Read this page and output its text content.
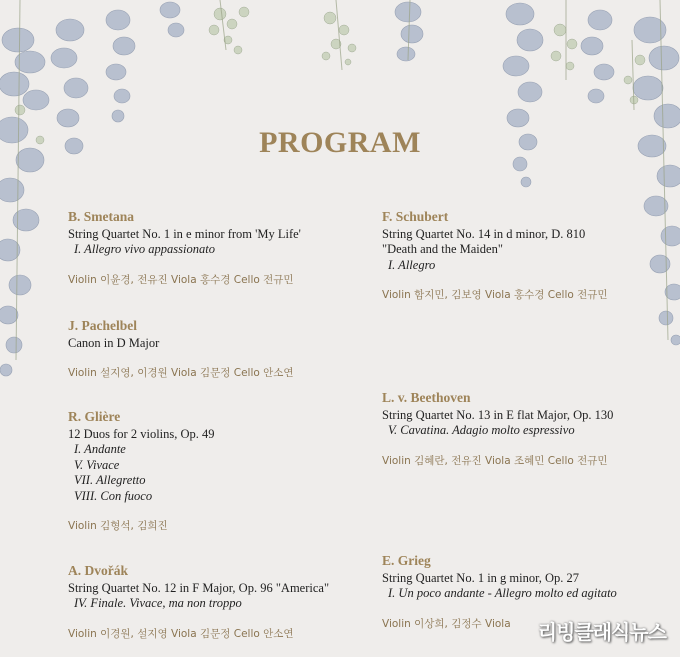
PROGRAM
B. Smetana
String Quartet No. 1 in e minor from 'My Life'
I. Allegro vivo appassionato
Violin 이윤경, 전유진 Viola 홍수경 Cello 전규민
J. Pachelbel
Canon in D Major
Violin 설지영, 이경원 Viola 김문정 Cello 안소연
R. Glière
12 Duos for 2 violins, Op. 49
I. Andante
V. Vivace
VII. Allegretto
VIII. Con fuoco
Violin 김형석, 김희진
A. Dvořák
String Quartet No. 12 in F Major, Op. 96 "America"
IV. Finale. Vivace, ma non troppo
Violin 이경원, 설지영 Viola 김문정 Cello 안소연
F. Schubert
String Quartet No. 14 in d minor, D. 810
"Death and the Maiden"
I. Allegro
Violin 함지민, 김보영 Viola 홍수경 Cello 전규민
L. v. Beethoven
String Quartet No. 13 in E flat Major, Op. 130
V. Cavatina. Adagio molto espressivo
Violin 김혜란, 전유진 Viola 조혜민 Cello 전규민
E. Grieg
String Quartet No. 1 in g minor, Op. 27
I. Un poco andante - Allegro molto ed agitato
Violin 이상희, 김정수 Viola	리빙클래식뉴스
